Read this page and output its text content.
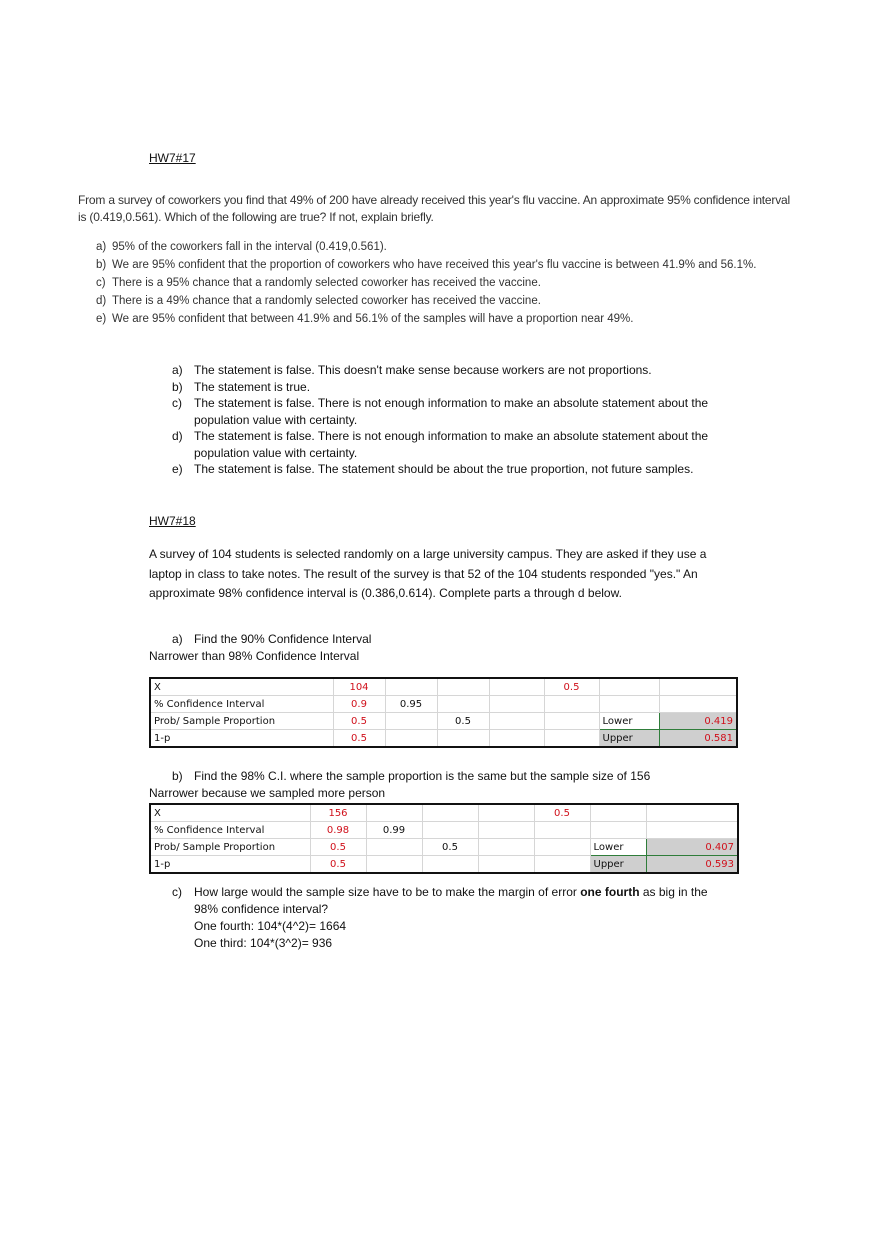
HW7#17
From a survey of coworkers you find that 49% of 200 have already received this year's flu vaccine. An approximate 95% confidence interval is (0.419,0.561). Which of the following are true? If not, explain briefly.
a) 95% of the coworkers fall in the interval (0.419,0.561).
b) We are 95% confident that the proportion of coworkers who have received this year's flu vaccine is between 41.9% and 56.1%.
c) There is a 95% chance that a randomly selected coworker has received the vaccine.
d) There is a 49% chance that a randomly selected coworker has received the vaccine.
e) We are 95% confident that between 41.9% and 56.1% of the samples will have a proportion near 49%.
a) The statement is false. This doesn't make sense because workers are not proportions.
b) The statement is true.
c)	The statement is false. There is not enough information to make an absolute statement about the population value with certainty.
d) The statement is false. There is not enough information to make an absolute statement about the population value with certainty.
e) The statement is false. The statement should be about the true proportion, not future samples.
HW7#18
A survey of 104 students is selected randomly on a large university campus. They are asked if they use a laptop in class to take notes. The result of the survey is that 52 of the 104 students responded "yes." An approximate 98% confidence interval is (0.386,0.614). Complete parts a through d below.
a) Find the 90% Confidence Interval
Narrower than 98% Confidence Interval
X	104				0.5		
% Confidence Interval	0.9	0.95					
Prob/ Sample Proportion	0.5		0.5			Lower	0.419
1-p	0.5					Upper	0.581
b) Find the 98% C.I. where the sample proportion is the same but the sample size of 156
Narrower because we sampled more person
X	156				0.5		
% Confidence Interval	0.98	0.99					
Prob/ Sample Proportion	0.5		0.5			Lower	0.407
1-p	0.5					Upper	0.593
c)	How large would the sample size have to be to make the margin of error one fourth as big in the 98% confidence interval?
One fourth: 104*(4^2)= 1664
One third: 104*(3^2)= 936
